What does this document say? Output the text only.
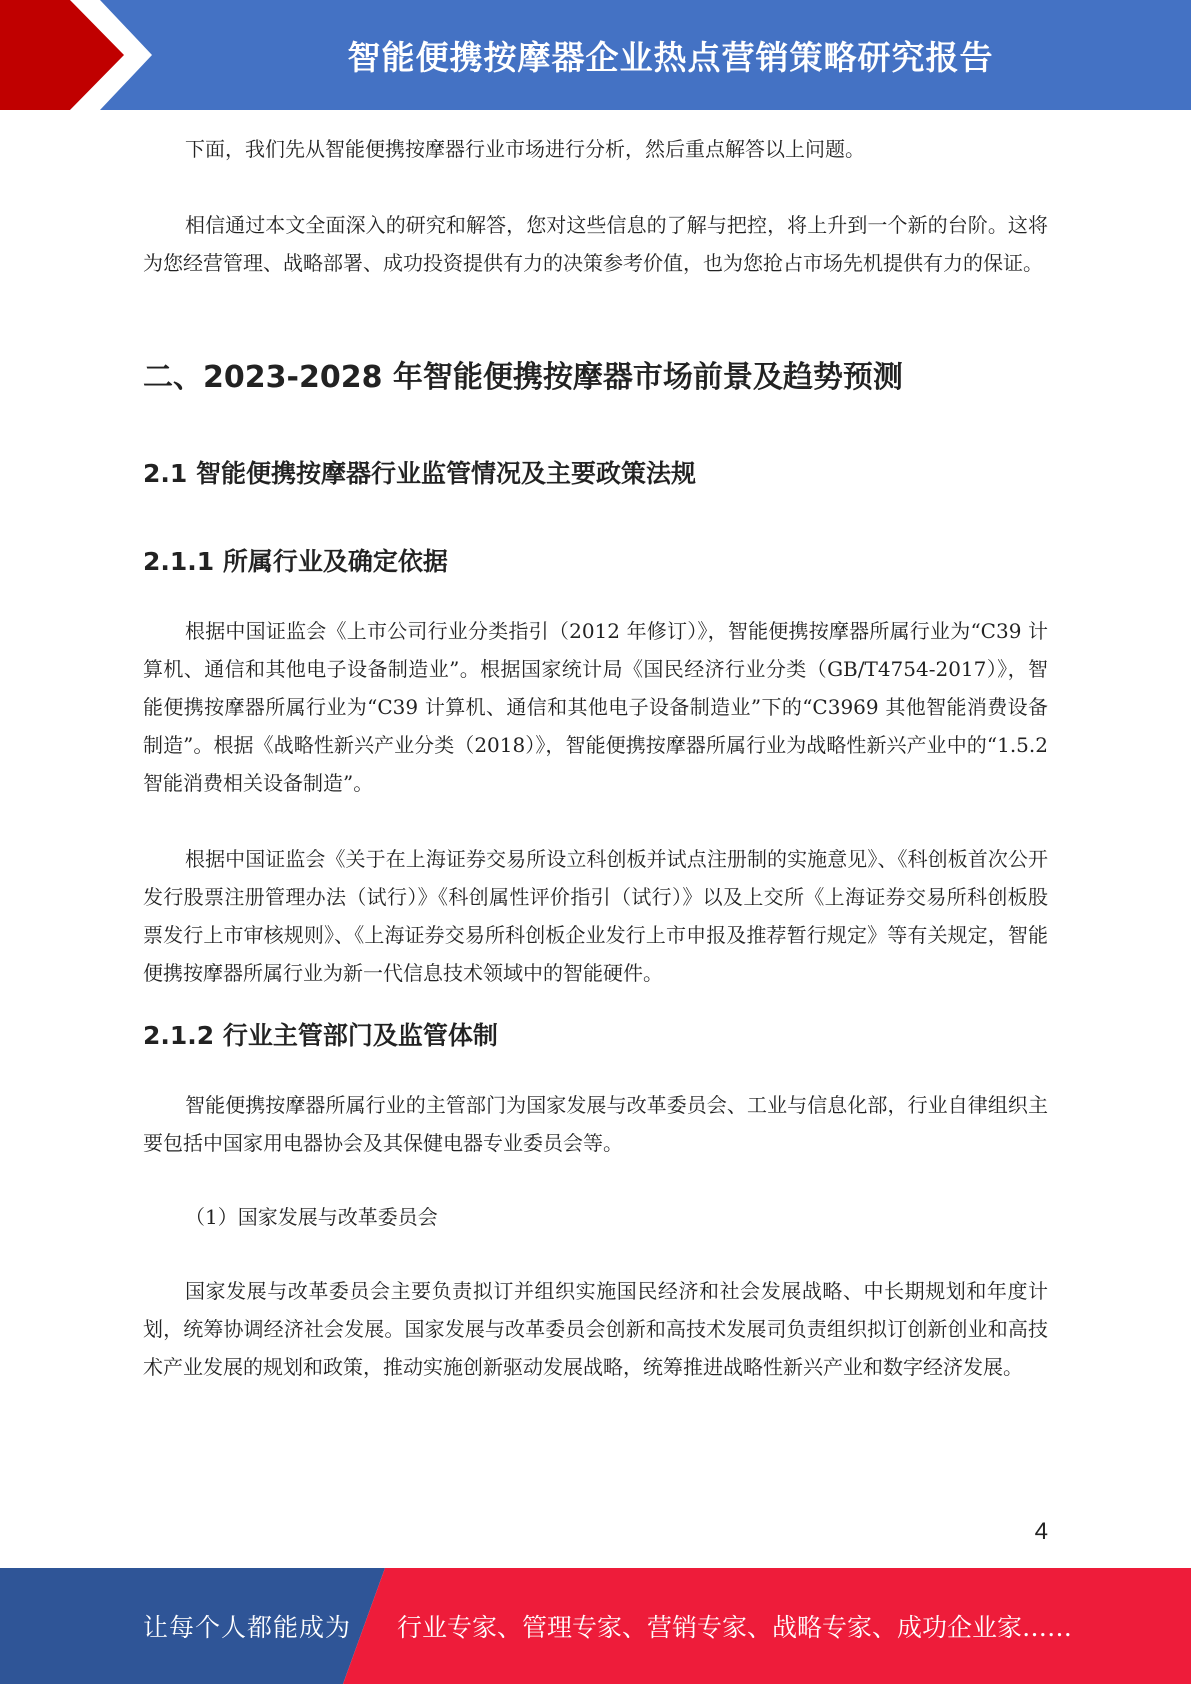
智能便携按摩器企业热点营销策略研究报告

下面，我们先从智能便携按摩器行业市场进行分析，然后重点解答以上问题。

相信通过本文全面深入的研究和解答，您对这些信息的了解与把控，将上升到一个新的台阶。这将为您经营管理、战略部署、成功投资提供有力的决策参考价值，也为您抢占市场先机提供有力的保证。

二、2023-2028 年智能便携按摩器市场前景及趋势预测
2.1 智能便携按摩器行业监管情况及主要政策法规
2.1.1 所属行业及确定依据

根据中国证监会《上市公司行业分类指引（2012 年修订）》，智能便携按摩器所属行业为“C39 计算机、通信和其他电子设备制造业”。根据国家统计局《国民经济行业分类（GB/T4754-2017）》，智能便携按摩器所属行业为“C39 计算机、通信和其他电子设备制造业”下的“C3969 其他智能消费设备制造”。根据《战略性新兴产业分类（2018）》，智能便携按摩器所属行业为战略性新兴产业中的“1.5.2 智能消费相关设备制造”。

根据中国证监会《关于在上海证券交易所设立科创板并试点注册制的实施意见》、《科创板首次公开发行股票注册管理办法（试行）》《科创属性评价指引（试行）》以及上交所《上海证券交易所科创板股票发行上市审核规则》、《上海证券交易所科创板企业发行上市申报及推荐暂行规定》等有关规定，智能便携按摩器所属行业为新一代信息技术领域中的智能硬件。

2.1.2 行业主管部门及监管体制

智能便携按摩器所属行业的主管部门为国家发展与改革委员会、工业与信息化部，行业自律组织主要包括中国家用电器协会及其保健电器专业委员会等。

（1）国家发展与改革委员会

国家发展与改革委员会主要负责拟订并组织实施国民经济和社会发展战略、中长期规划和年度计划，统筹协调经济社会发展。国家发展与改革委员会创新和高技术发展司负责组织拟订创新创业和高技术产业发展的规划和政策，推动实施创新驱动发展战略，统筹推进战略性新兴产业和数字经济发展。

4
让每个人都能成为 行业专家、管理专家、营销专家、战略专家、成功企业家……
